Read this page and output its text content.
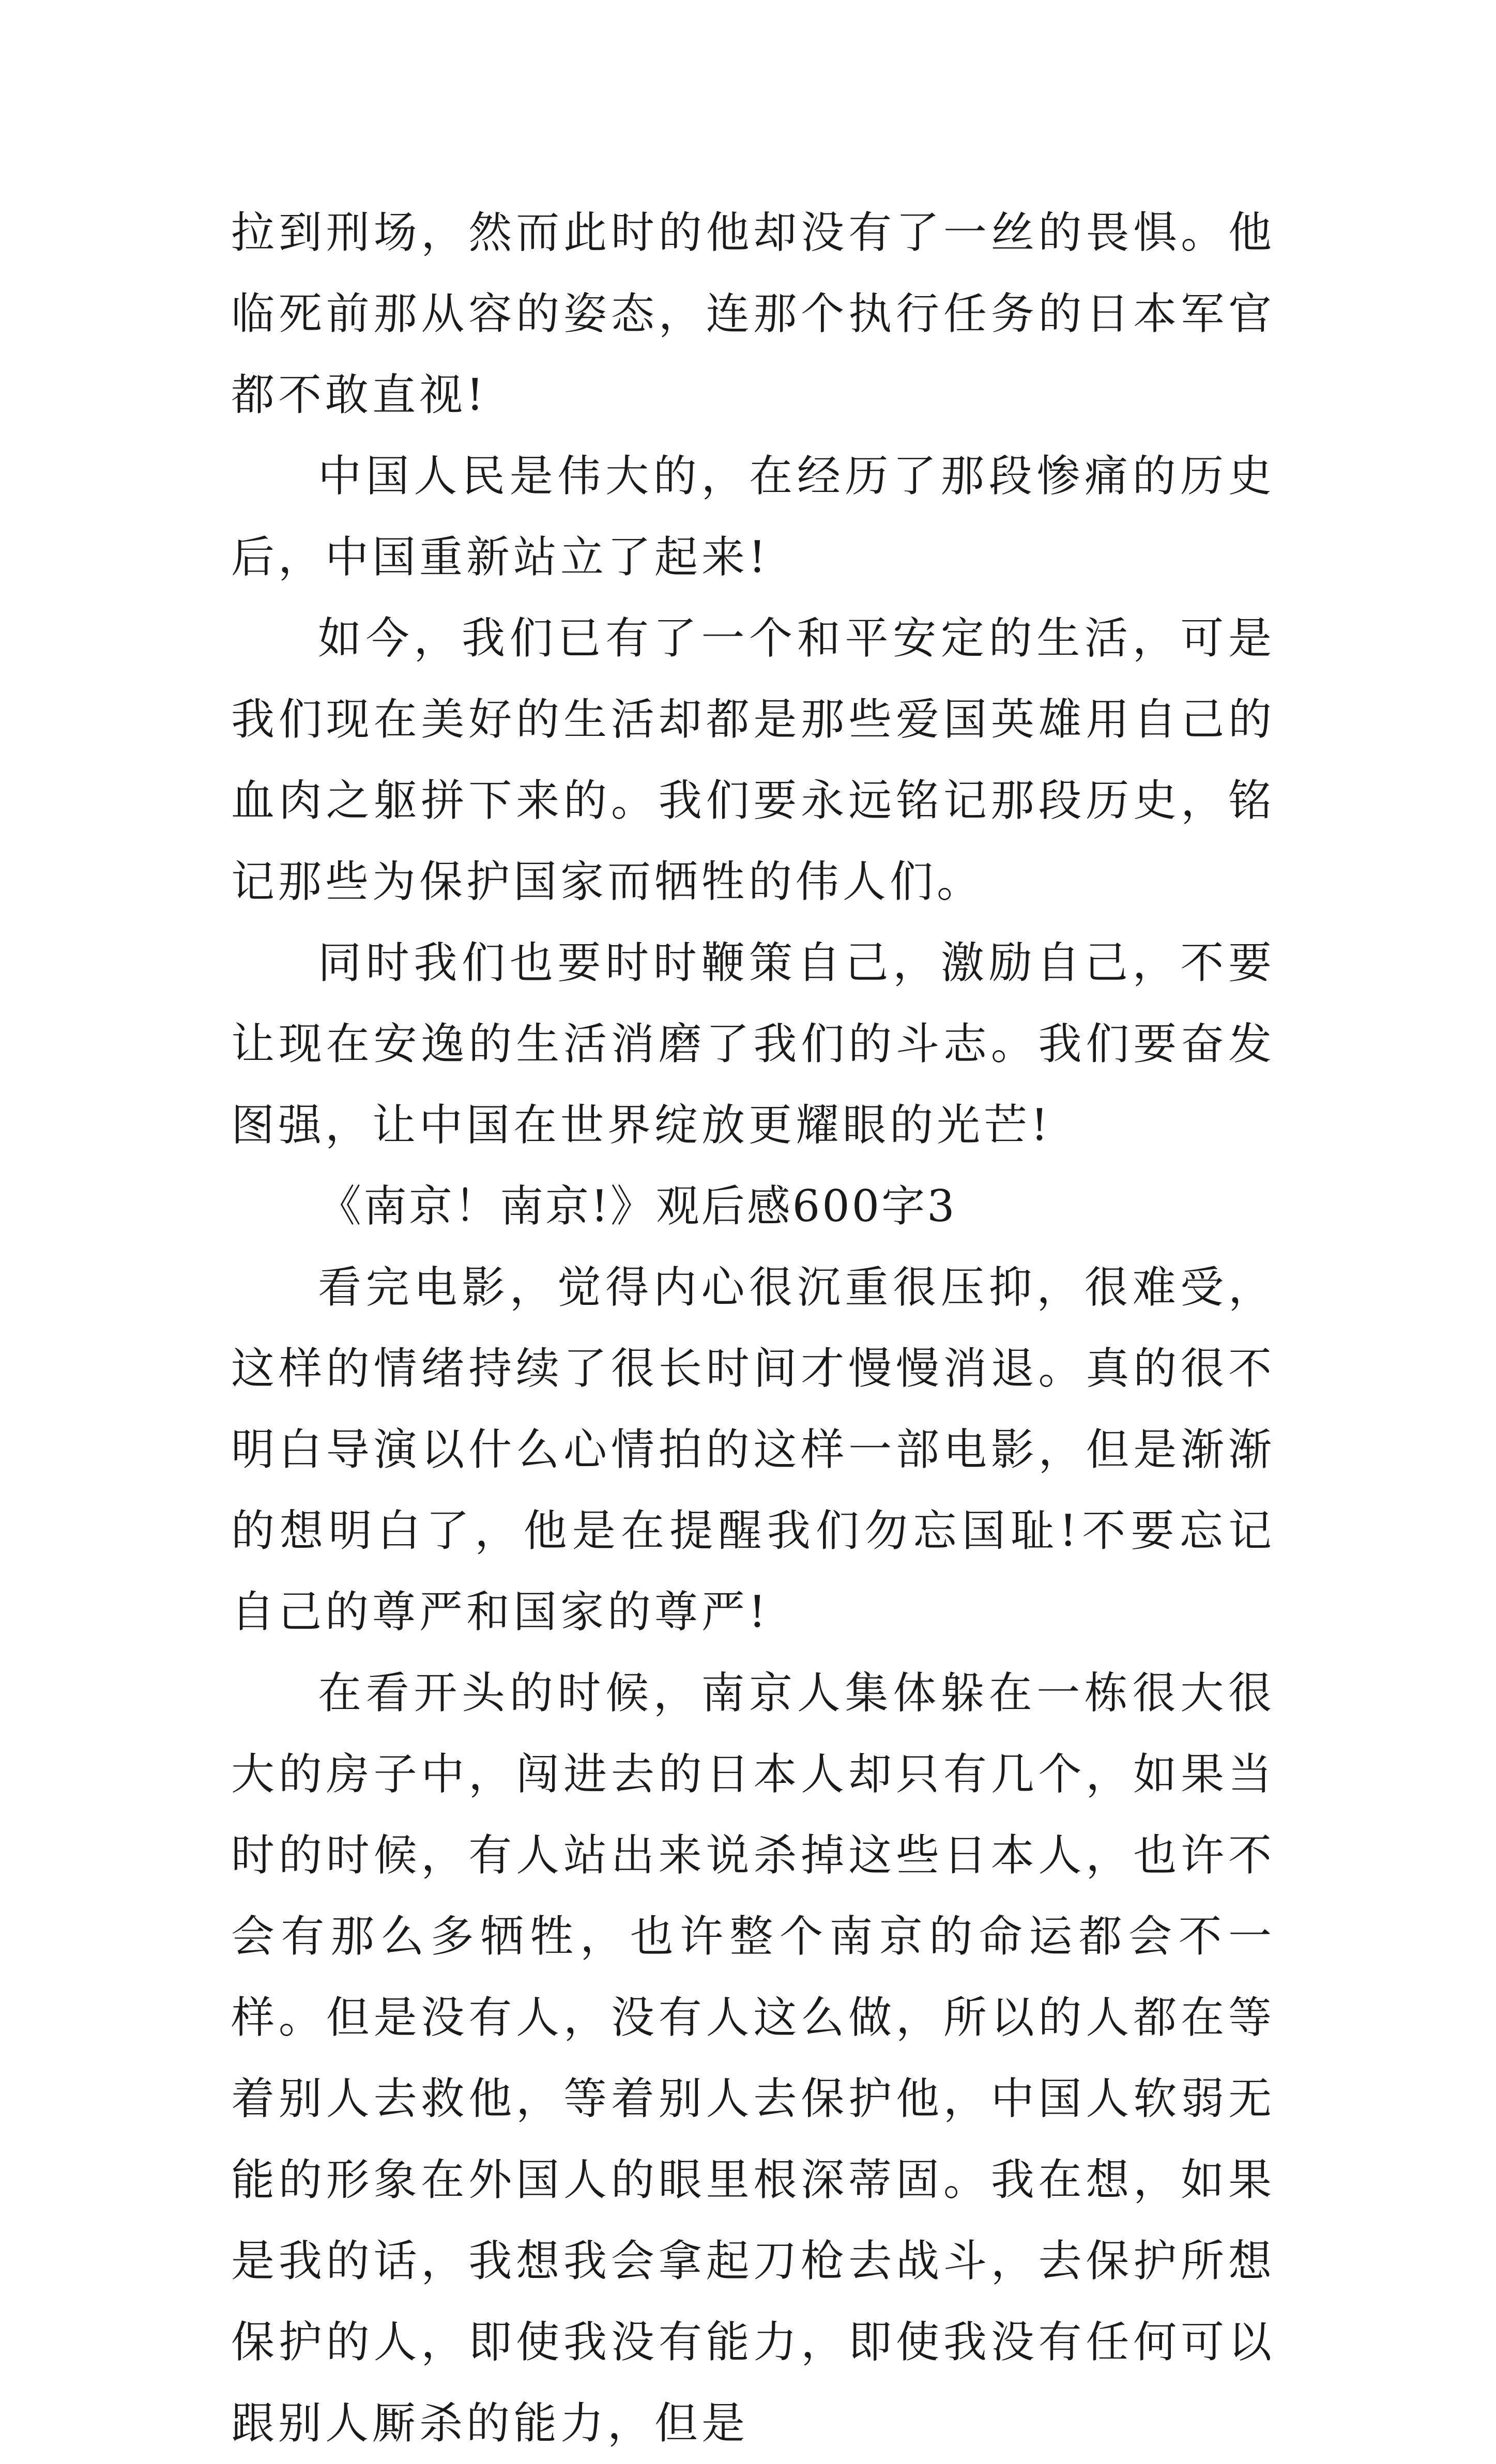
拉到刑场，然而此时的他却没有了一丝的畏惧。他临死前那从容的姿态，连那个执行任务的日本军官都不敢直视!

中国人民是伟大的，在经历了那段惨痛的历史后，中国重新站立了起来!

如今，我们已有了一个和平安定的生活，可是我们现在美好的生活却都是那些爱国英雄用自己的血肉之躯拼下来的。我们要永远铭记那段历史，铭记那些为保护国家而牺牲的伟人们。

同时我们也要时时鞭策自己，激励自己，不要让现在安逸的生活消磨了我们的斗志。我们要奋发图强，让中国在世界绽放更耀眼的光芒!

《南京！南京!》观后感600字3

看完电影，觉得内心很沉重很压抑，很难受，这样的情绪持续了很长时间才慢慢消退。真的很不明白导演以什么心情拍的这样一部电影，但是渐渐的想明白了，他是在提醒我们勿忘国耻!不要忘记自己的尊严和国家的尊严!

在看开头的时候，南京人集体躲在一栋很大很大的房子中，闯进去的日本人却只有几个，如果当时的时候，有人站出来说杀掉这些日本人，也许不会有那么多牺牲，也许整个南京的命运都会不一样。但是没有人，没有人这么做，所以的人都在等着别人去救他，等着别人去保护他，中国人软弱无能的形象在外国人的眼里根深蒂固。我在想，如果是我的话，我想我会拿起刀枪去战斗，去保护所想保护的人，即使我没有能力，即使我没有任何可以跟别人厮杀的能力，但是
